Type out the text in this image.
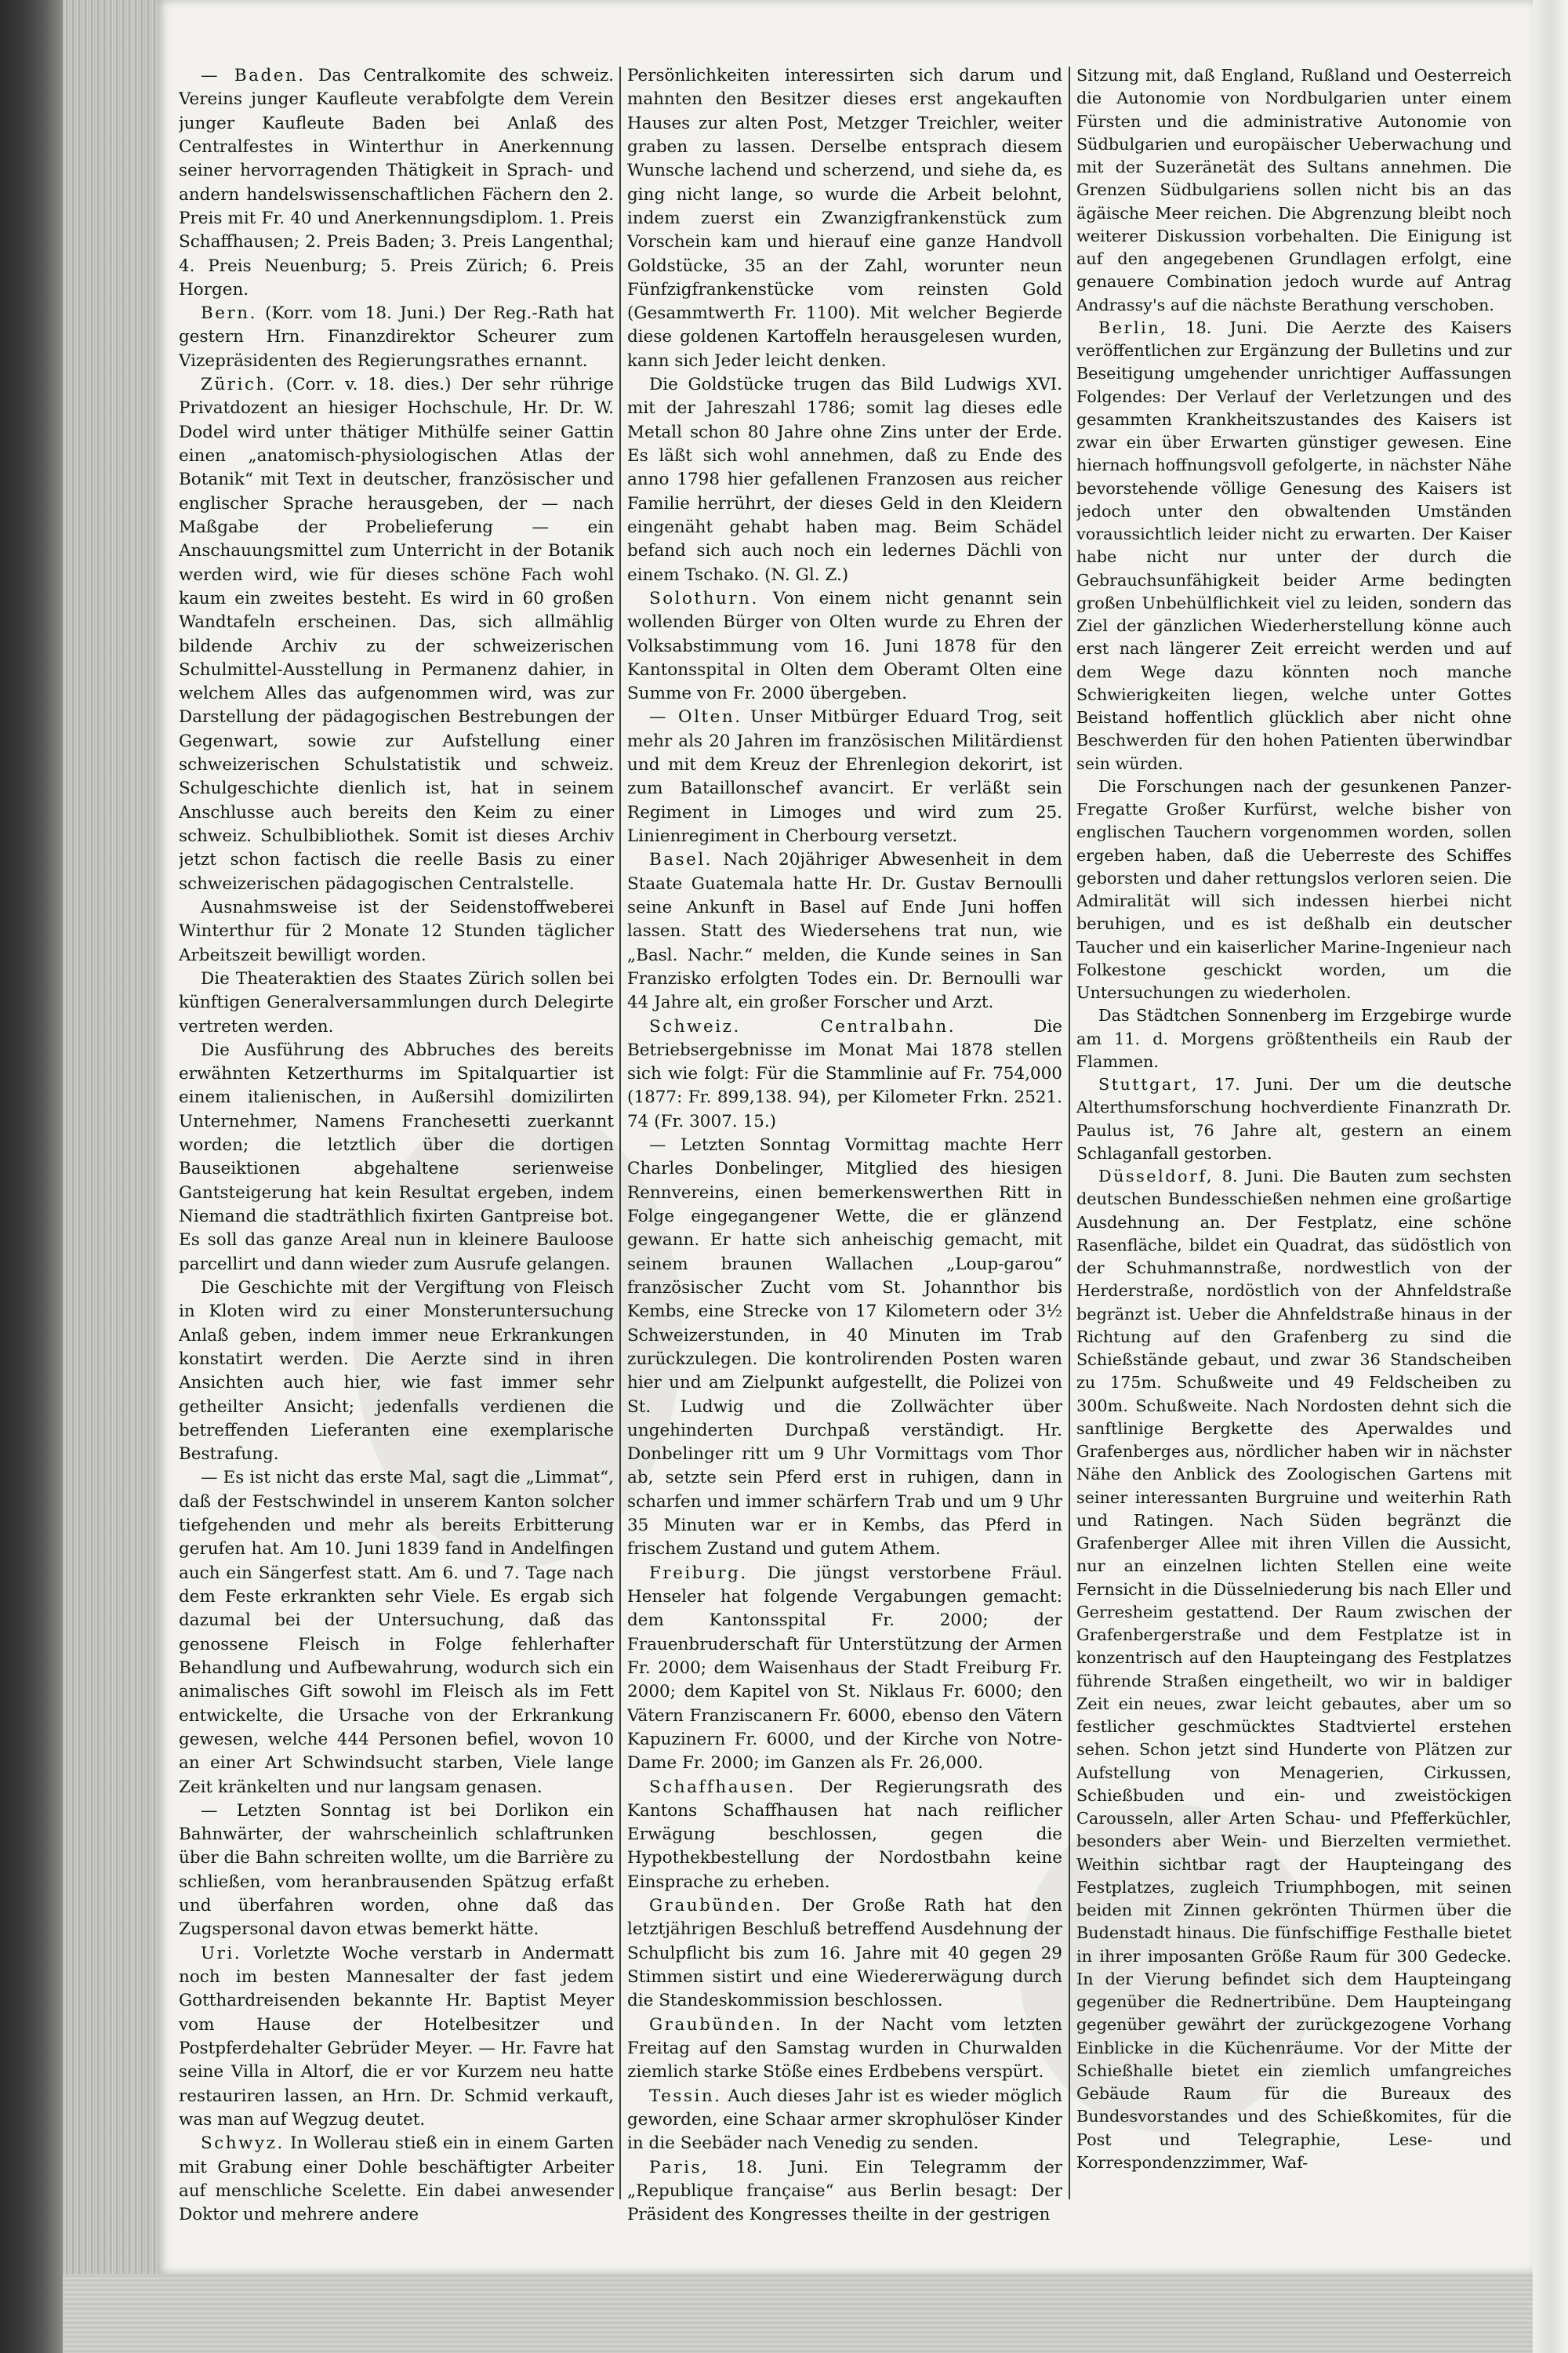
— Baden. Das Centralkomite des schweiz. Vereins junger Kaufleute verabfolgte dem Verein junger Kaufleute Baden bei Anlaß des Centralfestes in Winterthur in Anerkennung seiner hervorragenden Thätigkeit in Sprach- und andern handelswissenschaftlichen Fächern den 2. Preis mit Fr. 40 und Anerkennungsdiplom. 1. Preis Schaffhausen; 2. Preis Baden; 3. Preis Langenthal; 4. Preis Neuenburg; 5. Preis Zürich; 6. Preis Horgen.

Bern. (Korr. vom 18. Juni.) Der Reg.-Rath hat gestern Hrn. Finanzdirektor Scheurer zum Vizepräsidenten des Regierungsrathes ernannt.

Zürich. (Corr. v. 18. dies.) Der sehr rührige Privatdozent an hiesiger Hochschule, Hr. Dr. W. Dodel wird unter thätiger Mithülfe seiner Gattin einen „anatomisch-physiologischen Atlas der Botanik“ mit Text in deutscher, französischer und englischer Sprache herausgeben, der — nach Maßgabe der Probelieferung — ein Anschauungsmittel zum Unterricht in der Botanik werden wird, wie für dieses schöne Fach wohl kaum ein zweites besteht. Es wird in 60 großen Wandtafeln erscheinen. Das, sich allmählig bildende Archiv zu der schweizerischen Schulmittel-Ausstellung in Permanenz dahier, in welchem Alles das aufgenommen wird, was zur Darstellung der pädagogischen Bestrebungen der Gegenwart, sowie zur Aufstellung einer schweizerischen Schulstatistik und schweiz. Schulgeschichte dienlich ist, hat in seinem Anschlusse auch bereits den Keim zu einer schweiz. Schulbibliothek. Somit ist dieses Archiv jetzt schon factisch die reelle Basis zu einer schweizerischen pädagogischen Centralstelle.

Ausnahmsweise ist der Seidenstoffweberei Winterthur für 2 Monate 12 Stunden täglicher Arbeitszeit bewilligt worden.

Die Theateraktien des Staates Zürich sollen bei künftigen Generalversammlungen durch Delegirte vertreten werden.

Die Ausführung des Abbruches des bereits erwähnten Ketzerthurms im Spitalquartier ist einem italienischen, in Außersihl domizilirten Unternehmer, Namens Franchesetti zuerkannt worden; die letztlich über die dortigen Bauseiktionen abgehaltene serienweise Gantsteigerung hat kein Resultat ergeben, indem Niemand die stadträthlich fixirten Gantpreise bot. Es soll das ganze Areal nun in kleinere Bauloose parcellirt und dann wieder zum Ausrufe gelangen.

Die Geschichte mit der Vergiftung von Fleisch in Kloten wird zu einer Monsteruntersuchung Anlaß geben, indem immer neue Erkrankungen konstatirt werden. Die Aerzte sind in ihren Ansichten auch hier, wie fast immer sehr getheilter Ansicht; jedenfalls verdienen die betreffenden Lieferanten eine exemplarische Bestrafung.

— Es ist nicht das erste Mal, sagt die „Limmat“, daß der Festschwindel in unserem Kanton solcher tiefgehenden und mehr als bereits Erbitterung gerufen hat. Am 10. Juni 1839 fand in Andelfingen auch ein Sängerfest statt. Am 6. und 7. Tage nach dem Feste erkrankten sehr Viele. Es ergab sich dazumal bei der Untersuchung, daß das genossene Fleisch in Folge fehlerhafter Behandlung und Aufbewahrung, wodurch sich ein animalisches Gift sowohl im Fleisch als im Fett entwickelte, die Ursache von der Erkrankung gewesen, welche 444 Personen befiel, wovon 10 an einer Art Schwindsucht starben, Viele lange Zeit kränkelten und nur langsam genasen.

— Letzten Sonntag ist bei Dorlikon ein Bahnwärter, der wahrscheinlich schlaftrunken über die Bahn schreiten wollte, um die Barrière zu schließen, vom heranbrausenden Spätzug erfaßt und überfahren worden, ohne daß das Zugspersonal davon etwas bemerkt hätte.

Uri. Vorletzte Woche verstarb in Andermatt noch im besten Mannesalter der fast jedem Gotthardreisenden bekannte Hr. Baptist Meyer vom Hause der Hotelbesitzer und Postpferdehalter Gebrüder Meyer. — Hr. Favre hat seine Villa in Altorf, die er vor Kurzem neu hatte restauriren lassen, an Hrn. Dr. Schmid verkauft, was man auf Wegzug deutet.

Schwyz. In Wollerau stieß ein in einem Garten mit Grabung einer Dohle beschäftigter Arbeiter auf menschliche Scelette. Ein dabei anwesender Doktor und mehrere andere

Persönlichkeiten interessirten sich darum und mahnten den Besitzer dieses erst angekauften Hauses zur alten Post, Metzger Treichler, weiter graben zu lassen. Derselbe entsprach diesem Wunsche lachend und scherzend, und siehe da, es ging nicht lange, so wurde die Arbeit belohnt, indem zuerst ein Zwanzigfrankenstück zum Vorschein kam und hierauf eine ganze Handvoll Goldstücke, 35 an der Zahl, worunter neun Fünfzigfrankenstücke vom reinsten Gold (Gesammtwerth Fr. 1100). Mit welcher Begierde diese goldenen Kartoffeln herausgelesen wurden, kann sich Jeder leicht denken.

Die Goldstücke trugen das Bild Ludwigs XVI. mit der Jahreszahl 1786; somit lag dieses edle Metall schon 80 Jahre ohne Zins unter der Erde. Es läßt sich wohl annehmen, daß zu Ende des anno 1798 hier gefallenen Franzosen aus reicher Familie herrührt, der dieses Geld in den Kleidern eingenäht gehabt haben mag. Beim Schädel befand sich auch noch ein ledernes Dächli von einem Tschako. (N. Gl. Z.)

Solothurn. Von einem nicht genannt sein wollenden Bürger von Olten wurde zu Ehren der Volksabstimmung vom 16. Juni 1878 für den Kantonsspital in Olten dem Oberamt Olten eine Summe von Fr. 2000 übergeben.

— Olten. Unser Mitbürger Eduard Trog, seit mehr als 20 Jahren im französischen Militärdienst und mit dem Kreuz der Ehrenlegion dekorirt, ist zum Bataillonschef avancirt. Er verläßt sein Regiment in Limoges und wird zum 25. Linienregiment in Cherbourg versetzt.

Basel. Nach 20jähriger Abwesenheit in dem Staate Guatemala hatte Hr. Dr. Gustav Bernoulli seine Ankunft in Basel auf Ende Juni hoffen lassen. Statt des Wiedersehens trat nun, wie „Basl. Nachr.“ melden, die Kunde seines in San Franzisko erfolgten Todes ein. Dr. Bernoulli war 44 Jahre alt, ein großer Forscher und Arzt.

Schweiz. Centralbahn.	Die Betriebsergebnisse im Monat Mai 1878 stellen sich wie folgt: Für die Stammlinie auf Fr. 754,000 (1877: Fr. 899,138. 94), per Kilometer Frkn. 2521. 74 (Fr. 3007. 15.)

— Letzten Sonntag Vormittag machte Herr Charles Donbelinger, Mitglied des hiesigen Rennvereins, einen bemerkenswerthen Ritt in Folge eingegangener Wette, die er glänzend gewann. Er hatte sich anheischig gemacht, mit seinem braunen Wallachen „Loup-garou“ französischer Zucht vom St. Johannthor bis Kembs, eine Strecke von 17 Kilometern oder 3½ Schweizerstunden, in 40 Minuten im Trab zurückzulegen. Die kontrolirenden Posten waren hier und am Zielpunkt aufgestellt, die Polizei von St. Ludwig und die Zollwächter über ungehinderten Durchpaß verständigt. Hr. Donbelinger ritt um 9 Uhr Vormittags vom Thor ab, setzte sein Pferd erst in ruhigen, dann in scharfen und immer schärfern Trab und um 9 Uhr 35 Minuten war er in Kembs, das Pferd in frischem Zustand und gutem Athem.

Freiburg. Die jüngst verstorbene Fräul. Henseler hat folgende Vergabungen gemacht: dem Kantonsspital Fr. 2000; der Frauenbruderschaft für Unterstützung der Armen Fr. 2000; dem Waisenhaus der Stadt Freiburg Fr. 2000; dem Kapitel von St. Niklaus Fr. 6000; den Vätern Franziscanern Fr. 6000, ebenso den Vätern Kapuzinern Fr. 6000, und der Kirche von Notre-Dame Fr. 2000; im Ganzen als Fr. 26,000.

Schaffhausen. Der Regierungsrath des Kantons Schaffhausen hat nach reiflicher Erwägung beschlossen, gegen die Hypothekbestellung der Nordostbahn keine Einsprache zu erheben.

Graubünden. Der Große Rath hat den letztjährigen Beschluß betreffend Ausdehnung der Schulpflicht bis zum 16. Jahre mit 40 gegen 29 Stimmen sistirt und eine Wiedererwägung durch die Standeskommission beschlossen.

Graubünden. In der Nacht vom letzten Freitag auf den Samstag wurden in Churwalden ziemlich starke Stöße eines Erdbebens verspürt.

Tessin. Auch dieses Jahr ist es wieder möglich geworden, eine Schaar armer skrophulöser Kinder in die Seebäder nach Venedig zu senden.

Paris, 18. Juni. Ein Telegramm der „Republique française“ aus Berlin besagt: Der Präsident des Kongresses theilte in der gestrigen

Sitzung mit, daß England, Rußland und Oesterreich die Autonomie von Nordbulgarien unter einem Fürsten und die administrative Autonomie von Südbulgarien und europäischer Ueberwachung und mit der Suzeränetät des Sultans annehmen. Die Grenzen Südbulgariens sollen nicht bis an das ägäische Meer reichen. Die Abgrenzung bleibt noch weiterer Diskussion vorbehalten. Die Einigung ist auf den angegebenen Grundlagen erfolgt, eine genauere Combination jedoch wurde auf Antrag Andrassy's auf die nächste Berathung verschoben.

Berlin, 18. Juni. Die Aerzte des Kaisers veröffentlichen zur Ergänzung der Bulletins und zur Beseitigung umgehender unrichtiger Auffassungen Folgendes: Der Verlauf der Verletzungen und des gesammten Krankheitszustandes des Kaisers ist zwar ein über Erwarten günstiger gewesen. Eine hiernach hoffnungsvoll gefolgerte, in nächster Nähe bevorstehende völlige Genesung des Kaisers ist jedoch unter den obwaltenden Umständen voraussichtlich leider nicht zu erwarten. Der Kaiser habe nicht nur unter der durch die Gebrauchsunfähigkeit beider Arme bedingten großen Unbehülflichkeit viel zu leiden, sondern das Ziel der gänzlichen Wiederherstellung könne auch erst nach längerer Zeit erreicht werden und auf dem Wege dazu könnten noch manche Schwierigkeiten liegen, welche unter Gottes Beistand hoffentlich glücklich aber nicht ohne Beschwerden für den hohen Patienten überwindbar sein würden.

Die Forschungen nach der gesunkenen Panzer-Fregatte Großer Kurfürst, welche bisher von englischen Tauchern vorgenommen worden, sollen ergeben haben, daß die Ueberreste des Schiffes geborsten und daher rettungslos verloren seien. Die Admiralität will sich indessen hierbei nicht beruhigen, und es ist deßhalb ein deutscher Taucher und ein kaiserlicher Marine-Ingenieur nach Folkestone geschickt worden, um die Untersuchungen zu wiederholen.

Das Städtchen Sonnenberg im Erzgebirge wurde am 11. d. Morgens größtentheils ein Raub der Flammen.

Stuttgart, 17. Juni. Der um die deutsche Alterthumsforschung hochverdiente Finanzrath Dr. Paulus ist, 76 Jahre alt, gestern an einem Schlaganfall gestorben.

Düsseldorf, 8. Juni. Die Bauten zum sechsten deutschen Bundesschießen nehmen eine großartige Ausdehnung an. Der Festplatz, eine schöne Rasenfläche, bildet ein Quadrat, das südöstlich von der Schuhmannstraße, nordwestlich von der Herderstraße, nordöstlich von der Ahnfeldstraße begränzt ist. Ueber die Ahnfeldstraße hinaus in der Richtung auf den Grafenberg zu sind die Schießstände gebaut, und zwar 36 Standscheiben zu 175m. Schußweite und 49 Feldscheiben zu 300m. Schußweite. Nach Nordosten dehnt sich die sanftlinige Bergkette des Aperwaldes und Grafenberges aus, nördlicher haben wir in nächster Nähe den Anblick des Zoologischen Gartens mit seiner interessanten Burgruine und weiterhin Rath und Ratingen. Nach Süden begränzt die Grafenberger Allee mit ihren Villen die Aussicht, nur an einzelnen lichten Stellen eine weite Fernsicht in die Düsselniederung bis nach Eller und Gerresheim gestattend. Der Raum zwischen der Grafenbergerstraße und dem Festplatze ist in konzentrisch auf den Haupteingang des Festplatzes führende Straßen eingetheilt, wo wir in baldiger Zeit ein neues, zwar leicht gebautes, aber um so festlicher geschmücktes Stadtviertel erstehen sehen. Schon jetzt sind Hunderte von Plätzen zur Aufstellung von Menagerien, Cirkussen, Schießbuden und ein- und zweistöckigen Carousseln, aller Arten Schau- und Pfefferküchler, besonders aber Wein- und Bierzelten vermiethet. Weithin sichtbar ragt der Haupteingang des Festplatzes, zugleich Triumphbogen, mit seinen beiden mit Zinnen gekrönten Thürmen über die Budenstadt hinaus. Die fünfschiffige Festhalle bietet in ihrer imposanten Größe Raum für 300 Gedecke. In der Vierung befindet sich dem Haupteingang gegenüber die Rednertribüne. Dem Haupteingang gegenüber gewährt der zurückgezogene Vorhang Einblicke in die Küchenräume. Vor der Mitte der Schießhalle bietet ein ziemlich umfangreiches Gebäude Raum für die Bureaux des Bundesvorstandes und des Schießkomites, für die Post und Telegraphie, Lese- und Korrespondenzzimmer, Waf-
